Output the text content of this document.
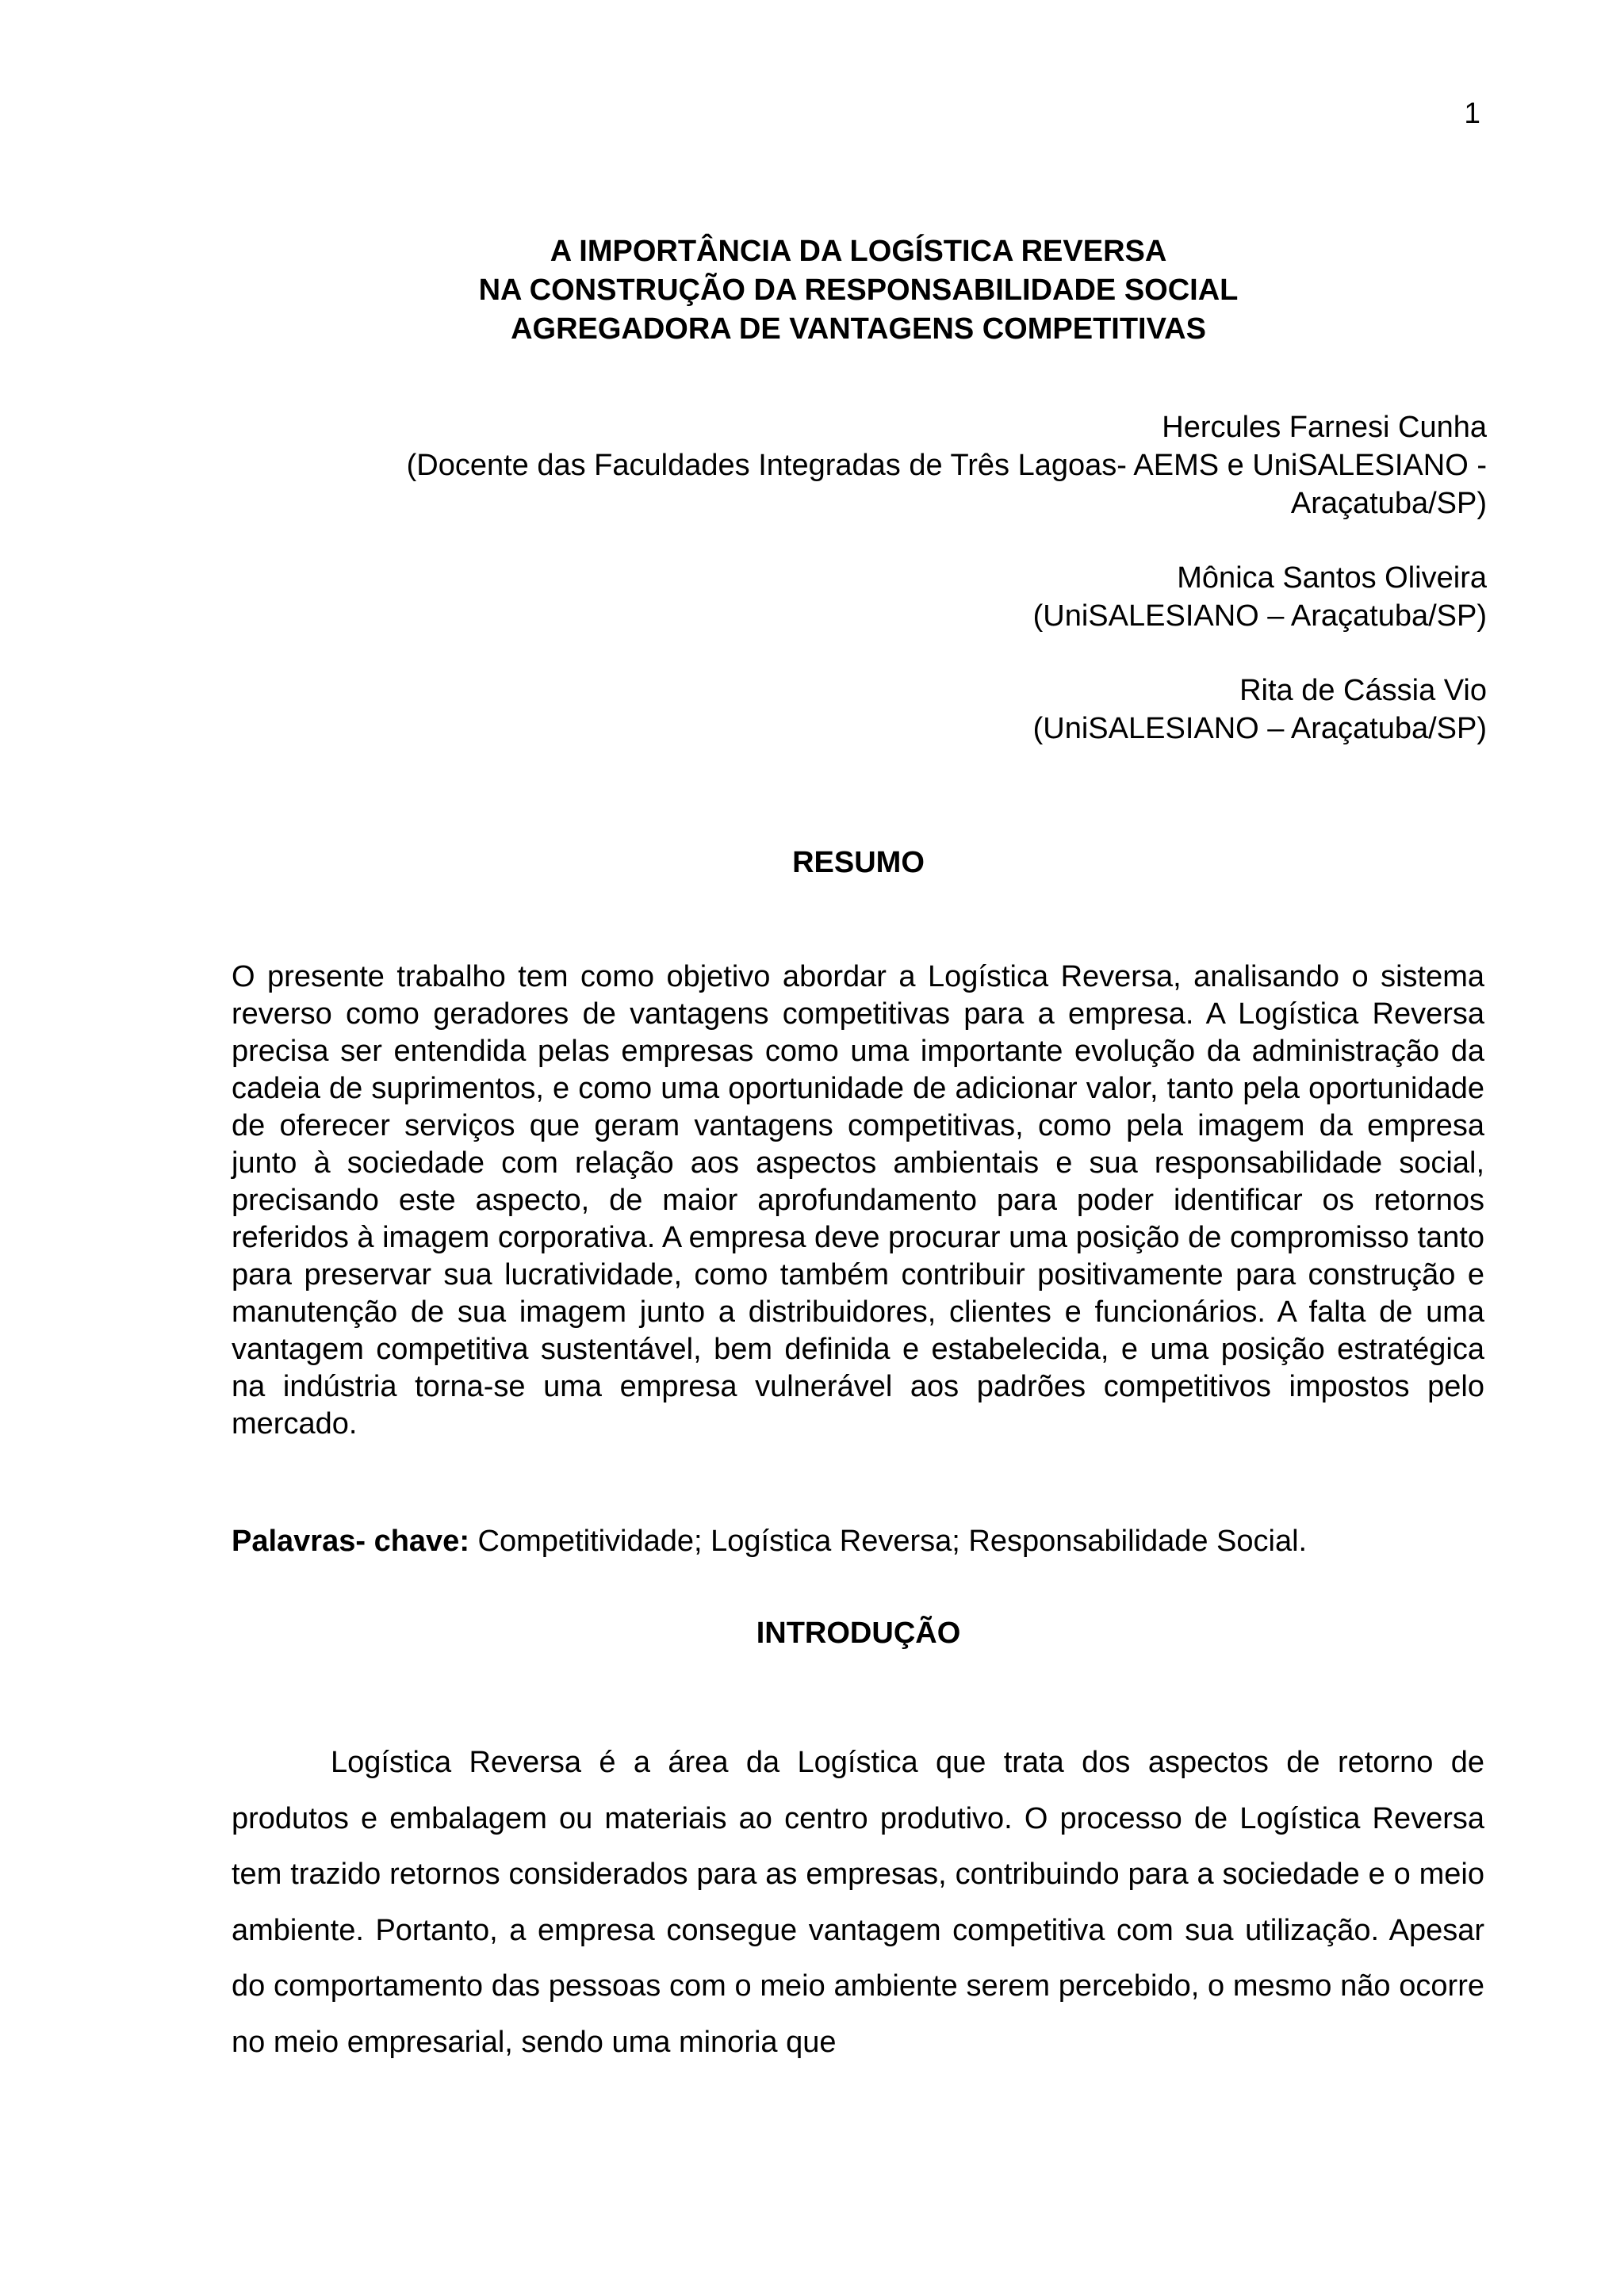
1
A IMPORTÂNCIA DA LOGÍSTICA REVERSA
NA CONSTRUÇÃO DA RESPONSABILIDADE SOCIAL
AGREGADORA DE VANTAGENS COMPETITIVAS
Hercules Farnesi Cunha
(Docente das Faculdades Integradas de Três Lagoas- AEMS e UniSALESIANO -
Araçatuba/SP)
Mônica Santos Oliveira
(UniSALESIANO – Araçatuba/SP)
Rita de Cássia Vio
(UniSALESIANO – Araçatuba/SP)
RESUMO

O presente trabalho tem como objetivo abordar a Logística Reversa, analisando o sistema reverso como geradores de vantagens competitivas para a empresa. A Logística Reversa precisa ser entendida pelas empresas como uma importante evolução da administração da cadeia de suprimentos, e como uma oportunidade de adicionar valor, tanto pela oportunidade de oferecer serviços que geram vantagens competitivas, como pela imagem da empresa junto à sociedade com relação aos aspectos ambientais e sua responsabilidade social, precisando este aspecto, de maior aprofundamento para poder identificar os retornos referidos à imagem corporativa. A empresa deve procurar uma posição de compromisso tanto para preservar sua lucratividade, como também contribuir positivamente para construção e manutenção de sua imagem junto a distribuidores, clientes e funcionários. A falta de uma vantagem competitiva sustentável, bem definida e estabelecida, e uma posição estratégica na indústria torna-se uma empresa vulnerável aos padrões competitivos impostos pelo mercado.

Palavras- chave: Competitividade; Logística Reversa; Responsabilidade Social.

INTRODUÇÃO

Logística Reversa é a área da Logística que trata dos aspectos de retorno de produtos e embalagem ou materiais ao centro produtivo. O processo de Logística Reversa tem trazido retornos considerados para as empresas, contribuindo para a sociedade e o meio ambiente. Portanto, a empresa consegue vantagem competitiva com sua utilização. Apesar do comportamento das pessoas com o meio ambiente serem percebido, o mesmo não ocorre no meio empresarial, sendo uma minoria que
